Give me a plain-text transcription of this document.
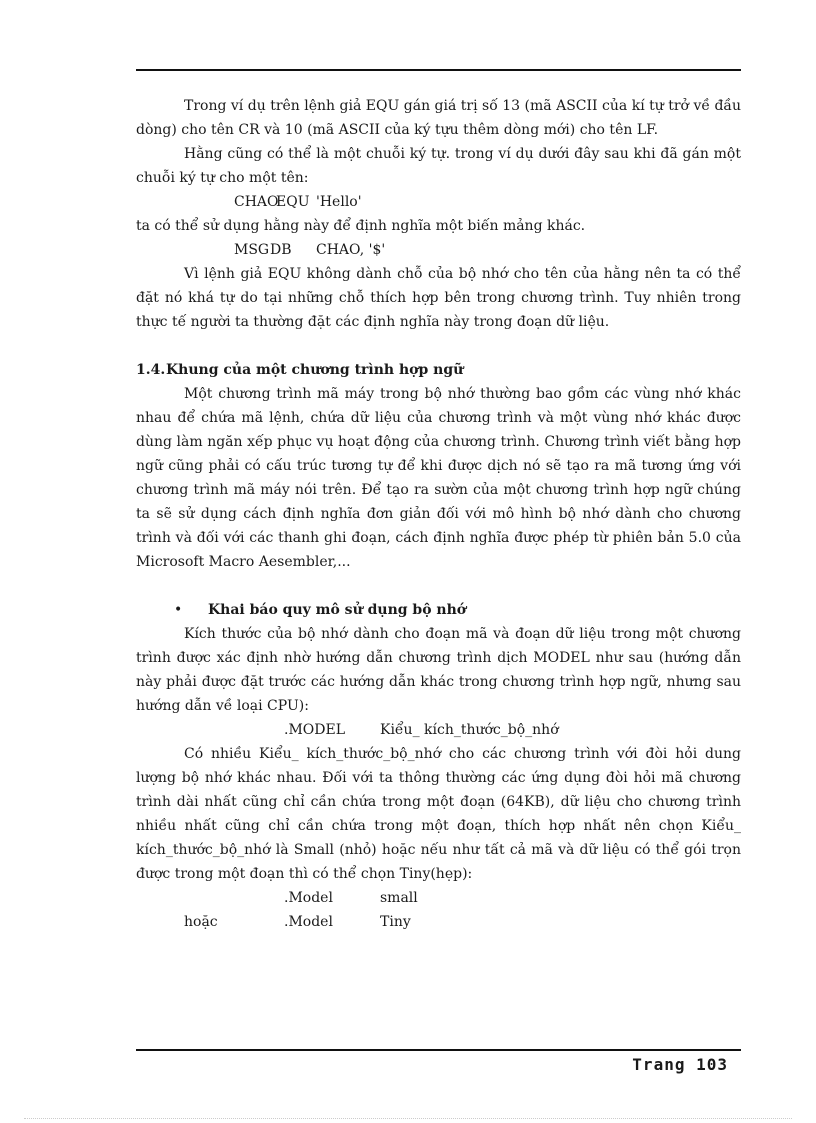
Trong ví dụ trên lệnh giả EQU gán giá trị số 13 (mã ASCII của kí tự trở về đầu dòng) cho tên CR và 10 (mã ASCII của ký tựu thêm dòng mới) cho tên LF.

Hằng cũng có thể là một chuỗi ký tự. trong ví dụ dưới đây sau khi đã gán một chuỗi ký tự cho một tên:

CHAOEQU 'Hello'

ta có thể sử dụng hằng này để định nghĩa một biến mảng khác.

MSGDB CHAO, '$'

Vì lệnh giả EQU không dành chỗ của bộ nhớ cho tên của hằng nên ta có thể đặt nó khá tự do tại những chỗ thích hợp bên trong chương trình. Tuy nhiên trong thực tế người ta thường đặt các định nghĩa này trong đoạn dữ liệu.

1.4.Khung của một chương trình hợp ngữ

Một chương trình mã máy trong bộ nhớ thường bao gồm các vùng nhớ khác nhau để chứa mã lệnh, chứa dữ liệu của chương trình và một vùng nhớ khác được dùng làm ngăn xếp phục vụ hoạt động của chương trình. Chương trình viết bằng hợp ngữ cũng phải có cấu trúc tương tự để khi được dịch nó sẽ tạo ra mã tương ứng với chương trình mã máy nói trên. Để tạo ra sườn của một chương trình hợp ngữ chúng ta sẽ sử dụng cách định nghĩa đơn giản đối với mô hình bộ nhớ dành cho chương trình và đối với các thanh ghi đoạn, cách định nghĩa được phép từ phiên bản 5.0 của Microsoft Macro Aesembler,...

• Khai báo quy mô sử dụng bộ nhớ

Kích thước của bộ nhớ dành cho đoạn mã và đoạn dữ liệu trong một chương trình được xác định nhờ hướng dẫn chương trình dịch MODEL như sau (hướng dẫn này phải được đặt trước các hướng dẫn khác trong chương trình hợp ngữ, nhưng sau hướng dẫn về loại CPU):

.MODEL Kiểu_ kích_thước_bộ_nhớ

Có nhiều Kiểu_ kích_thước_bộ_nhớ cho các chương trình với đòi hỏi dung lượng bộ nhớ khác nhau. Đối với ta thông thường các ứng dụng đòi hỏi mã chương trình dài nhất cũng chỉ cần chứa trong một đoạn (64KB), dữ liệu cho chương trình nhiều nhất cũng chỉ cần chứa trong một đoạn, thích hợp nhất nên chọn Kiểu_ kích_thước_bộ_nhớ là Small (nhỏ) hoặc nếu như tất cả mã và dữ liệu có thể gói trọn được trong một đoạn thì có thể chọn Tiny(hẹp):

.Model	small

hoặc	.Model	Tiny

Trang 103
